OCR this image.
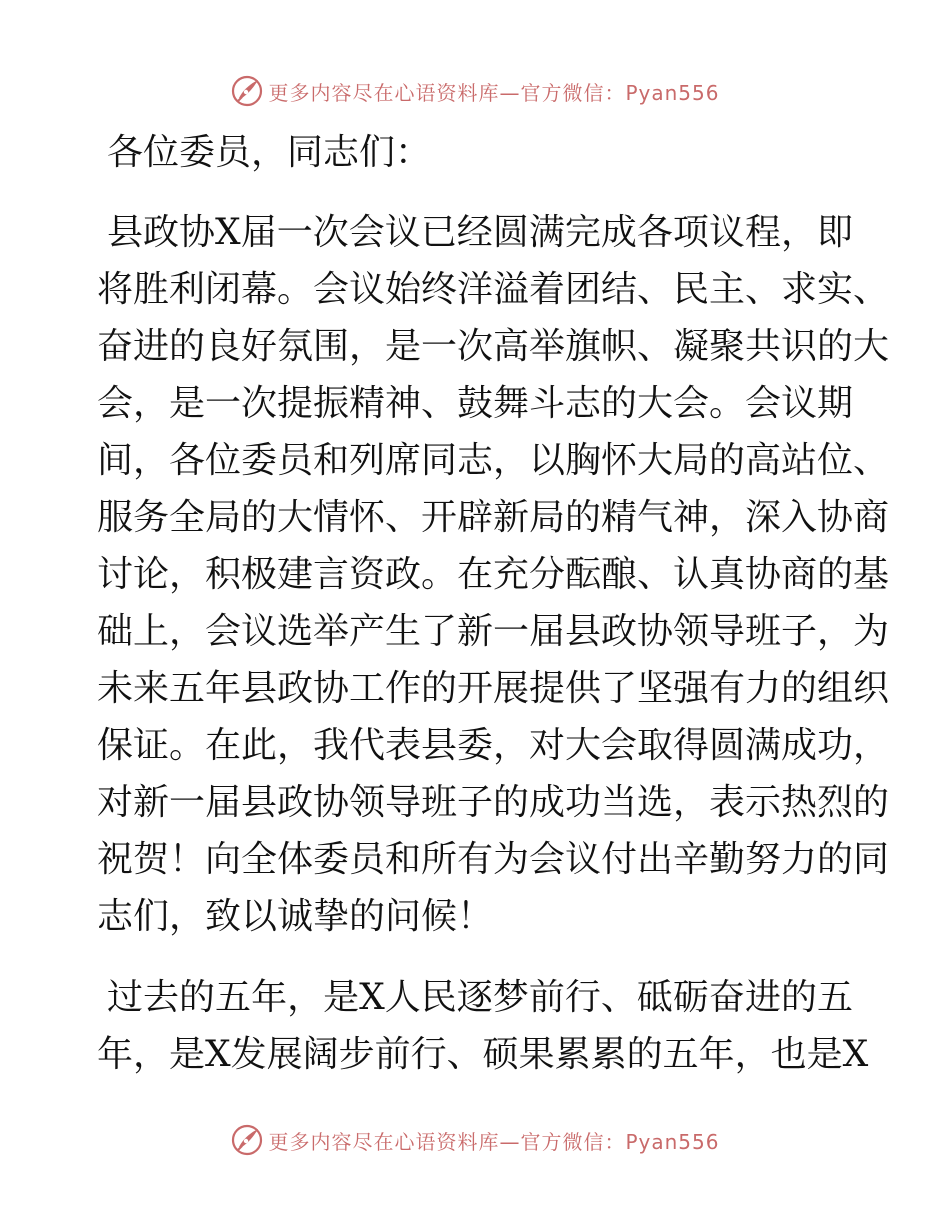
更多内容尽在心语资料库—官方微信：Pyan556
各位委员，同志们：
县政协X届一次会议已经圆满完成各项议程，即
将胜利闭幕。会议始终洋溢着团结、民主、求实、
奋进的良好氛围，是一次高举旗帜、凝聚共识的大
会，是一次提振精神、鼓舞斗志的大会。会议期
间，各位委员和列席同志，以胸怀大局的高站位、
服务全局的大情怀、开辟新局的精气神，深入协商
讨论，积极建言资政。在充分酝酿、认真协商的基
础上，会议选举产生了新一届县政协领导班子，为
未来五年县政协工作的开展提供了坚强有力的组织
保证。在此，我代表县委，对大会取得圆满成功，
对新一届县政协领导班子的成功当选，表示热烈的
祝贺！向全体委员和所有为会议付出辛勤努力的同
志们，致以诚挚的问候！
过去的五年，是X人民逐梦前行、砥砺奋进的五
年，是X发展阔步前行、硕果累累的五年，也是X
更多内容尽在心语资料库—官方微信：Pyan556
